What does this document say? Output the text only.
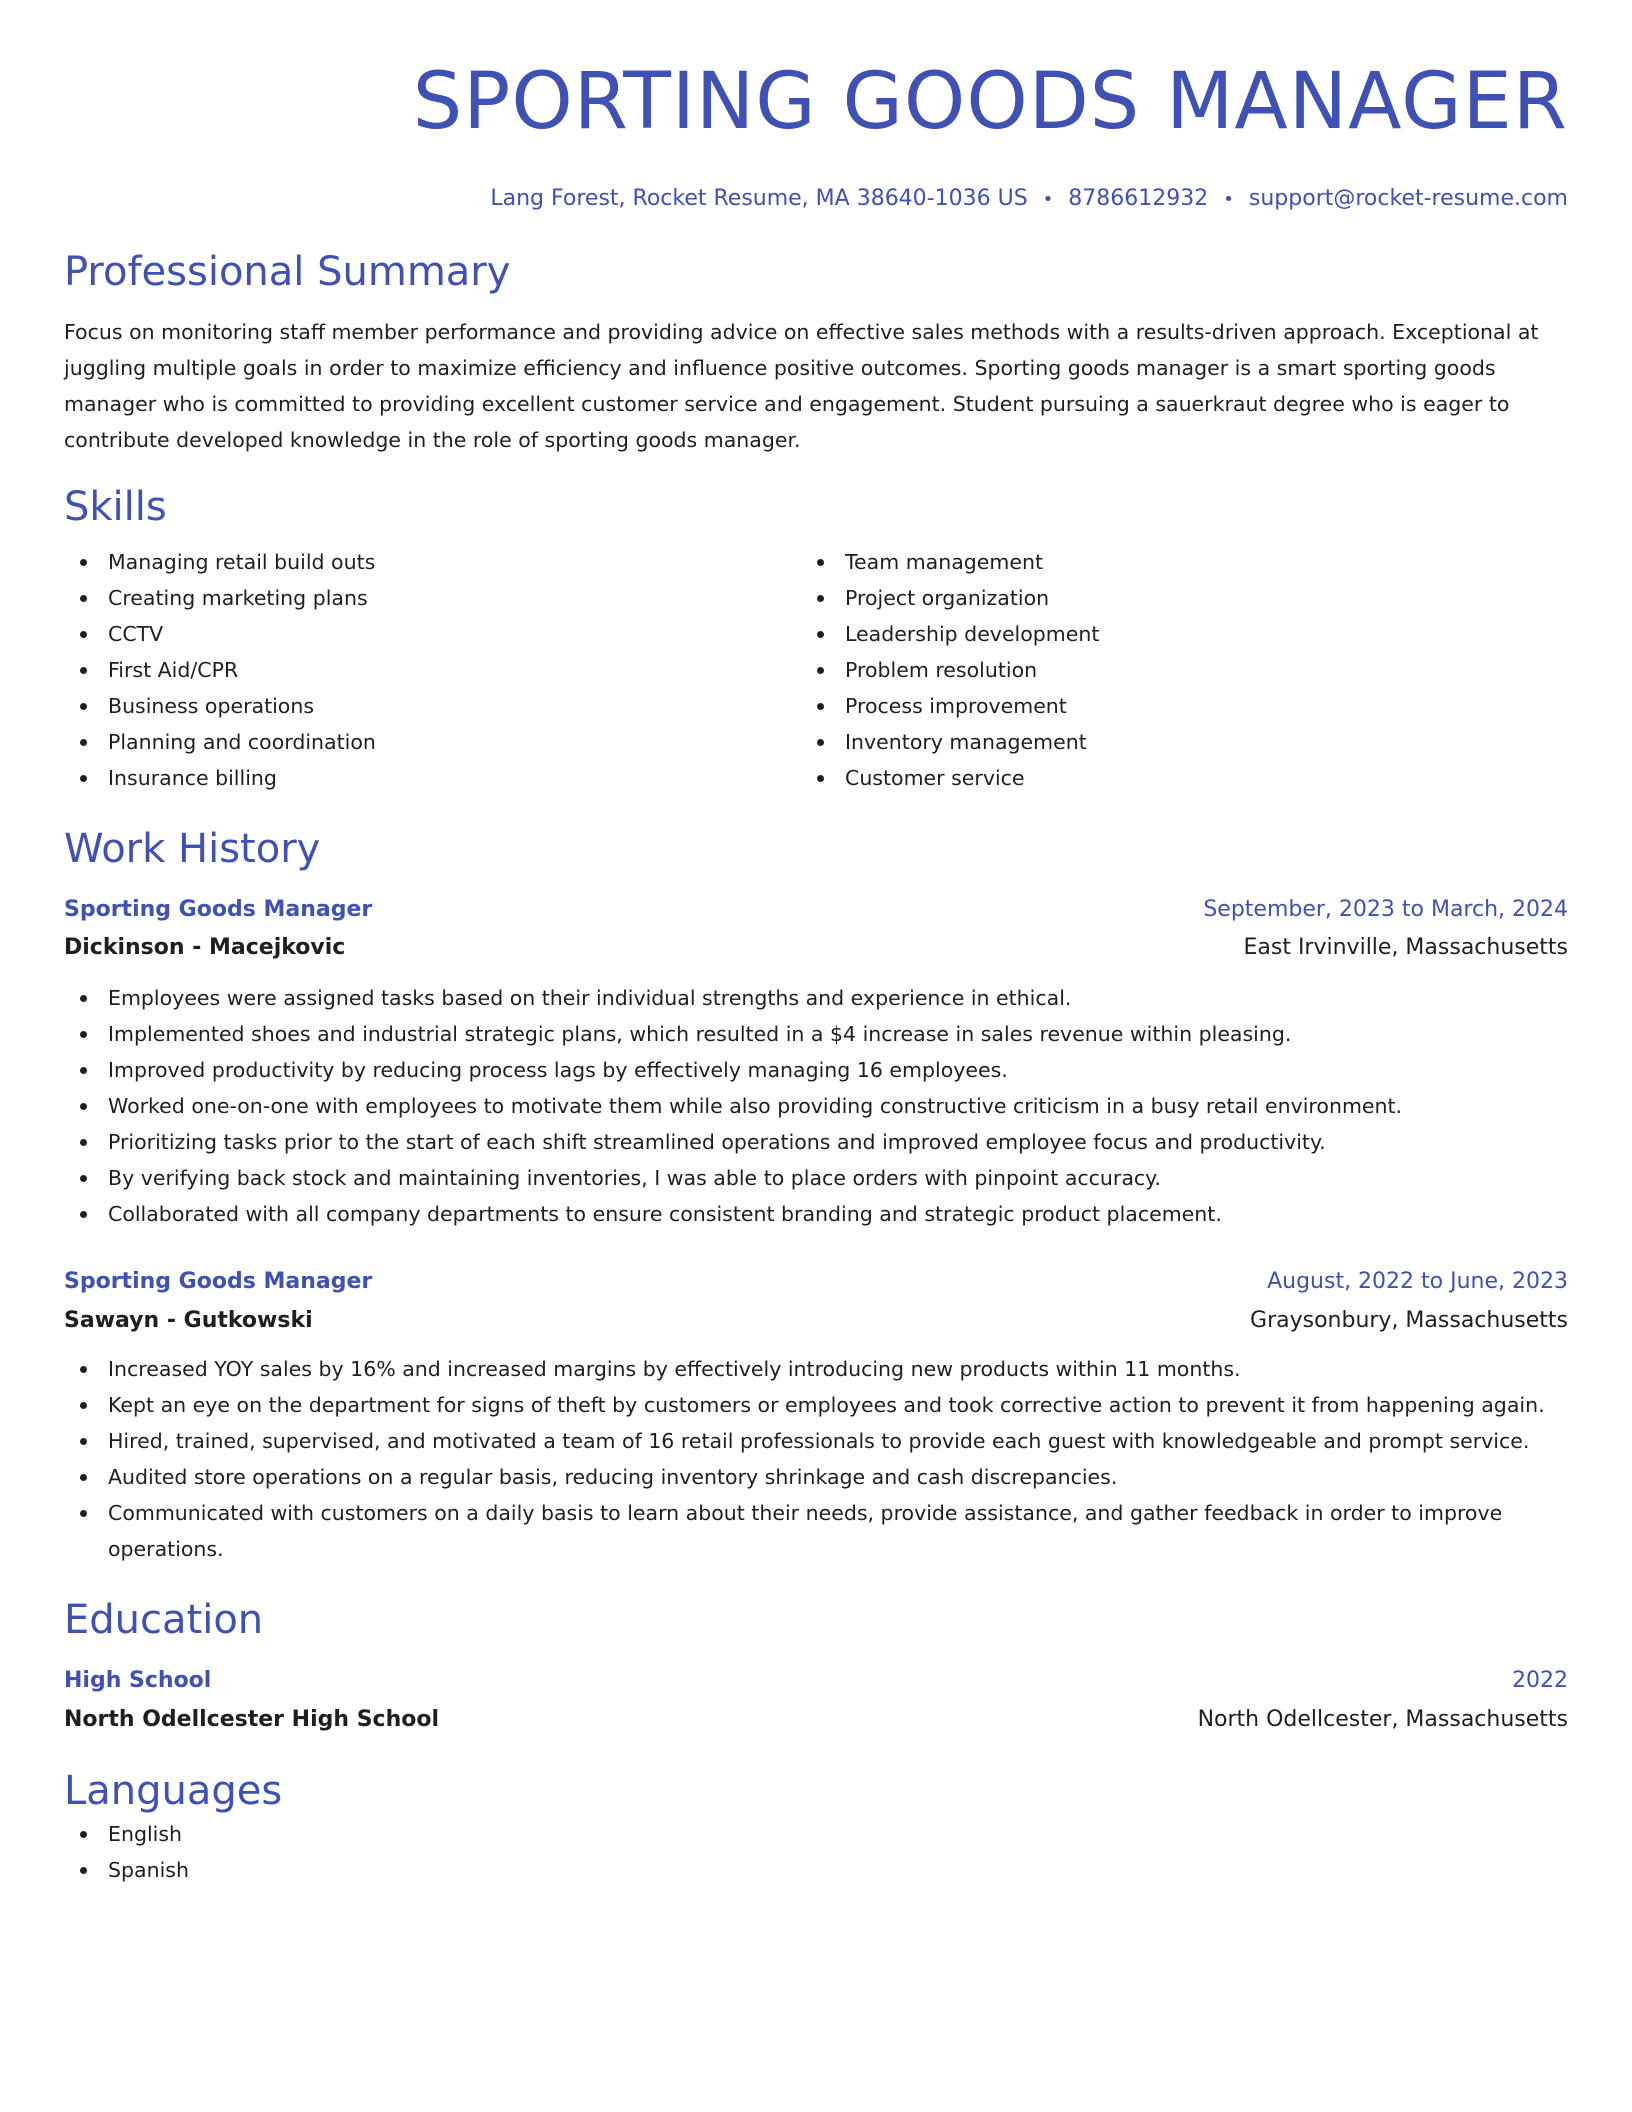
SPORTING GOODS MANAGER
Lang Forest, Rocket Resume, MA 38640-1036 US • 8786612932 • support@rocket-resume.com
Professional Summary

Focus on monitoring staff member performance and providing advice on effective sales methods with a results-driven approach. Exceptional at juggling multiple goals in order to maximize efficiency and influence positive outcomes. Sporting goods manager is a smart sporting goods manager who is committed to providing excellent customer service and engagement. Student pursuing a sauerkraut degree who is eager to contribute developed knowledge in the role of sporting goods manager.

Skills
Managing retail build outs
Creating marketing plans
CCTV
First Aid/CPR
Business operations
Planning and coordination
Insurance billing
Team management
Project organization
Leadership development
Problem resolution
Process improvement
Inventory management
Customer service
Work History
Sporting Goods Manager	September, 2023 to March, 2024
Dickinson - Macejkovic	East Irvinville, Massachusetts
Employees were assigned tasks based on their individual strengths and experience in ethical.
Implemented shoes and industrial strategic plans, which resulted in a $4 increase in sales revenue within pleasing.
Improved productivity by reducing process lags by effectively managing 16 employees.
Worked one-on-one with employees to motivate them while also providing constructive criticism in a busy retail environment.
Prioritizing tasks prior to the start of each shift streamlined operations and improved employee focus and productivity.
By verifying back stock and maintaining inventories, I was able to place orders with pinpoint accuracy.
Collaborated with all company departments to ensure consistent branding and strategic product placement.
Sporting Goods Manager	August, 2022 to June, 2023
Sawayn - Gutkowski	Graysonbury, Massachusetts
Increased YOY sales by 16% and increased margins by effectively introducing new products within 11 months.
Kept an eye on the department for signs of theft by customers or employees and took corrective action to prevent it from happening again.
Hired, trained, supervised, and motivated a team of 16 retail professionals to provide each guest with knowledgeable and prompt service.
Audited store operations on a regular basis, reducing inventory shrinkage and cash discrepancies.
Communicated with customers on a daily basis to learn about their needs, provide assistance, and gather feedback in order to improve operations.
Education
High School	2022
North Odellcester High School	North Odellcester, Massachusetts
Languages
English
Spanish
